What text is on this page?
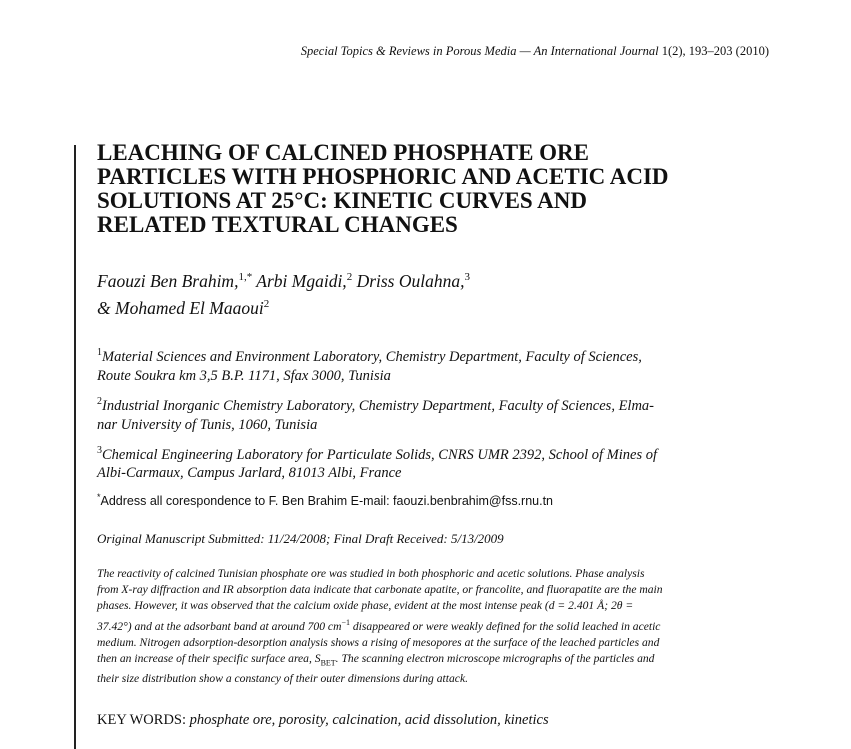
Special Topics & Reviews in Porous Media — An International Journal 1(2), 193–203 (2010)
LEACHING OF CALCINED PHOSPHATE ORE
PARTICLES WITH PHOSPHORIC AND ACETIC ACID
SOLUTIONS AT 25°C: KINETIC CURVES AND
RELATED TEXTURAL CHANGES
Faouzi Ben Brahim,$^{1,*}$ Arbi Mgaidi,$^2$ Driss Oulahna,$^3$
& Mohamed El Maaoui$^2$
$^1$Material Sciences and Environment Laboratory, Chemistry Department, Faculty of Sciences,
Route Soukra km 3,5 B.P. 1171, Sfax 3000, Tunisia
$^2$Industrial Inorganic Chemistry Laboratory, Chemistry Department, Faculty of Sciences, Elma-
nar University of Tunis, 1060, Tunisia
$^3$Chemical Engineering Laboratory for Particulate Solids, CNRS UMR 2392, School of Mines of
Albi-Carmaux, Campus Jarlard, 81013 Albi, France
*Address all corespondence to F. Ben Brahim E-mail: faouzi.benbrahim@fss.rnu.tn
Original Manuscript Submitted: 11/24/2008; Final Draft Received: 5/13/2009
The reactivity of calcined Tunisian phosphate ore was studied in both phosphoric and acetic solutions. Phase analysis
from X-ray diffraction and IR absorption data indicate that carbonate apatite, or francolite, and fluorapatite are the main
phases. However, it was observed that the calcium oxide phase, evident at the most intense peak (d = 2.401 Å; 2θ =
37.42°) and at the adsorbant band at around 700 $cm^{-1}$ disappeared or were weakly defined for the solid leached in acetic
medium. Nitrogen adsorption-desorption analysis shows a rising of mesopores at the surface of the leached particles and
then an increase of their specific surface area, $S_{BET}$. The scanning electron microscope micrographs of the particles and
their size distribution show a constancy of their outer dimensions during attack.
KEY WORDS: phosphate ore, porosity, calcination, acid dissolution, kinetics
